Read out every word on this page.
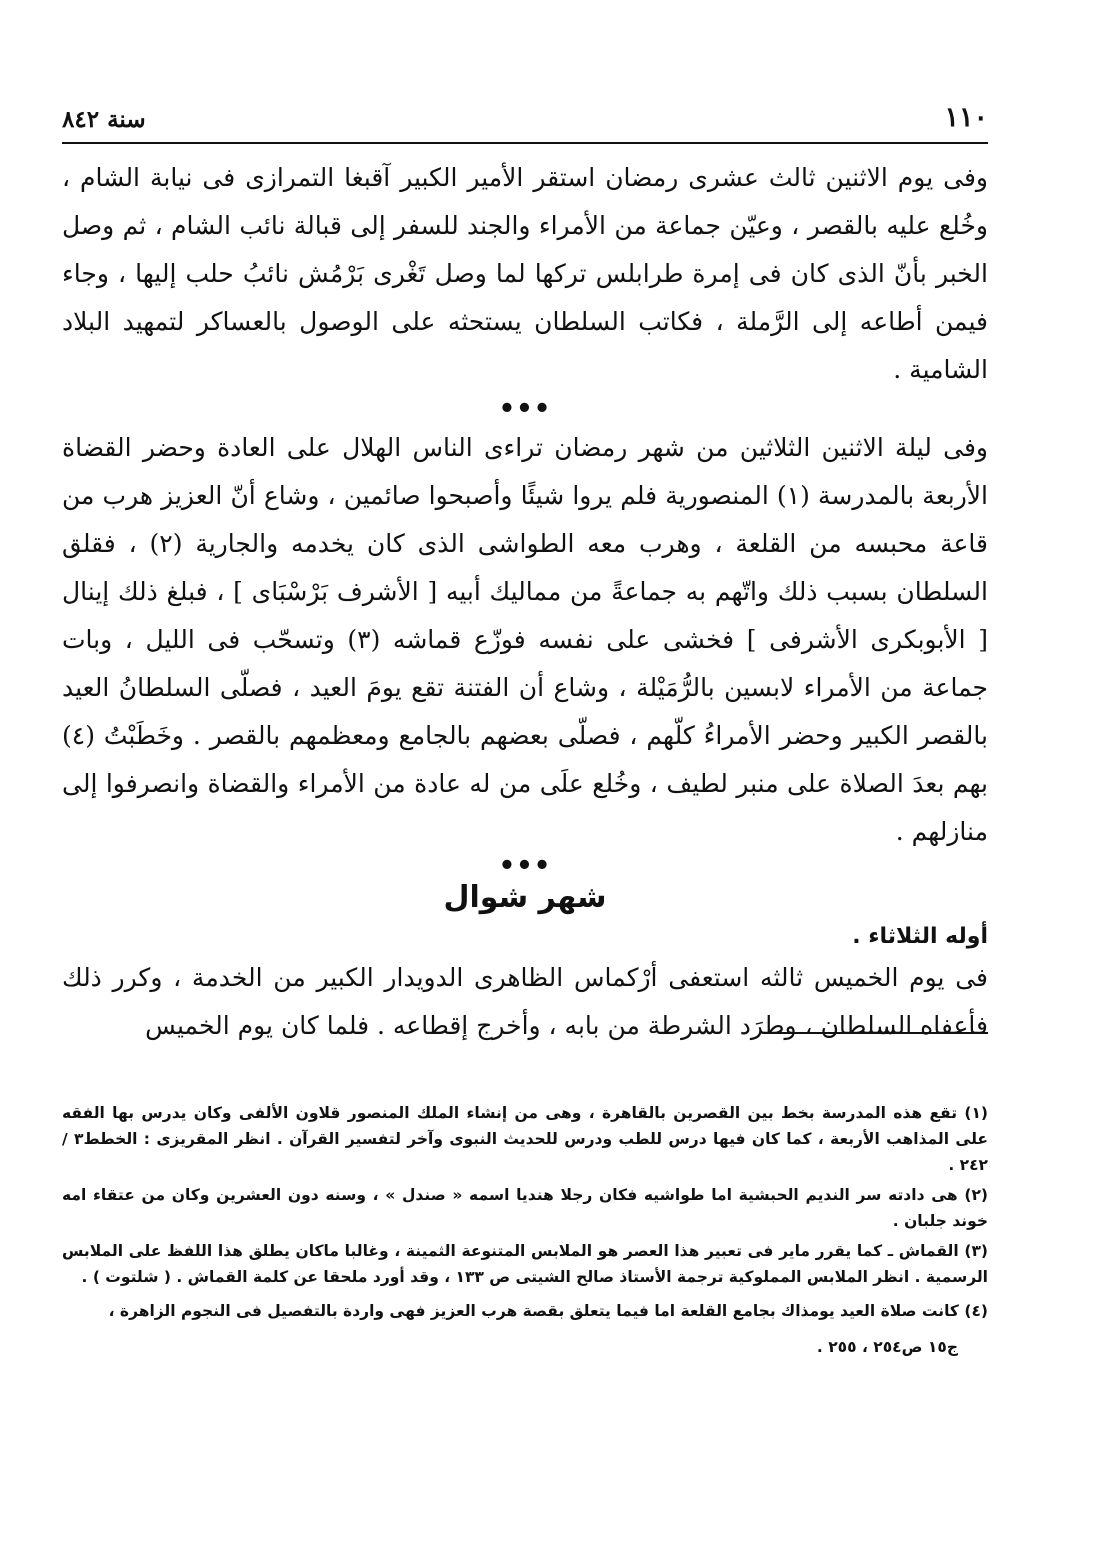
١١٠
سنة ٨٤٢

وفى يوم الاثنين ثالث عشرى رمضان استقر الأمير الكبير آقبغا التمرازى فى نيابة الشام ، وخُلع عليه بالقصر ، وعيّن جماعة من الأمراء والجند للسفر إلى قبالة نائب الشام ، ثم وصل الخبر بأنّ الذى كان فى إمرة طرابلس تركها لما وصل تَغْرى بَرْمُش نائبُ حلب إليها ، وجاء فيمن أطاعه إلى الرَّملة ، فكاتب السلطان يستحثه على الوصول بالعساكر لتمهيد البلاد الشامية .

•••

وفى ليلة الاثنين الثلاثين من شهر رمضان تراءى الناس الهلال على العادة وحضر القضاة الأربعة بالمدرسة (١) المنصورية فلم يروا شيئًا وأصبحوا صائمين ، وشاع أنّ العزيز هرب من قاعة محبسه من القلعة ، وهرب معه الطواشى الذى كان يخدمه والجارية (٢) ، فقلق السلطان بسبب ذلك واتّهم به جماعةً من مماليك أبيه [ الأشرف بَرْسْبَاى ] ، فبلغ ذلك إينال [ الأبوبكرى الأشرفى ] فخشى على نفسه فوزّع قماشه (٣) وتسحّب فى الليل ، وبات جماعة من الأمراء لابسين بالرُّمَيْلة ، وشاع أن الفتنة تقع يومَ العيد ، فصلّى السلطانُ العيد بالقصر الكبير وحضر الأمراءُ كلّهم ، فصلّى بعضهم بالجامع ومعظمهم بالقصر . وخَطَبْتُ (٤) بهم بعدَ الصلاة على منبر لطيف ، وخُلع علَى من له عادة من الأمراء والقضاة وانصرفوا إلى منازلهم .

•••
شهر شوال

أوله الثلاثاء .

فى يوم الخميس ثالثه استعفى أرْكماس الظاهرى الدويدار الكبير من الخدمة ، وكرر ذلك فأعفاه السلطان ، وطرَد الشرطة من بابه ، وأخرج إقطاعه . فلما كان يوم الخميس

(١) تقع هذه المدرسة بخط بين القصرين بالقاهرة ، وهى من إنشاء الملك المنصور قلاون الألفى وكان يدرس بها الفقه على المذاهب الأربعة ، كما كان فيها درس للطب ودرس للحديث النبوى وآخر لتفسير القرآن . انظر المقريزى : الخطط٣ / ٢٤٢ .

(٢) هى دادته سر النديم الحبشية اما طواشيه فكان رجلا هنديا اسمه « صندل » ، وسنه دون العشرين وكان من عتقاء امه خوند جلبان .

(٣) القماش ـ كما يقرر ماير فى تعبير هذا العصر هو الملابس المتنوعة الثمينة ، وغالبا ماكان يطلق هذا اللفظ على الملابس الرسمية . انظر الملابس المملوكية ترجمة الأستاذ صالح الشيتى ص ١٣٣ ، وقد أورد ملحقا عن كلمة القماش . ( شلتوت ) .

(٤) كانت صلاة العيد يومذاك بجامع القلعة اما فيما يتعلق بقصة هرب العزيز فهى واردة بالتفصيل فى النجوم الزاهرة ،

ج١٥ ص٢٥٤ ، ٢٥٥ .
